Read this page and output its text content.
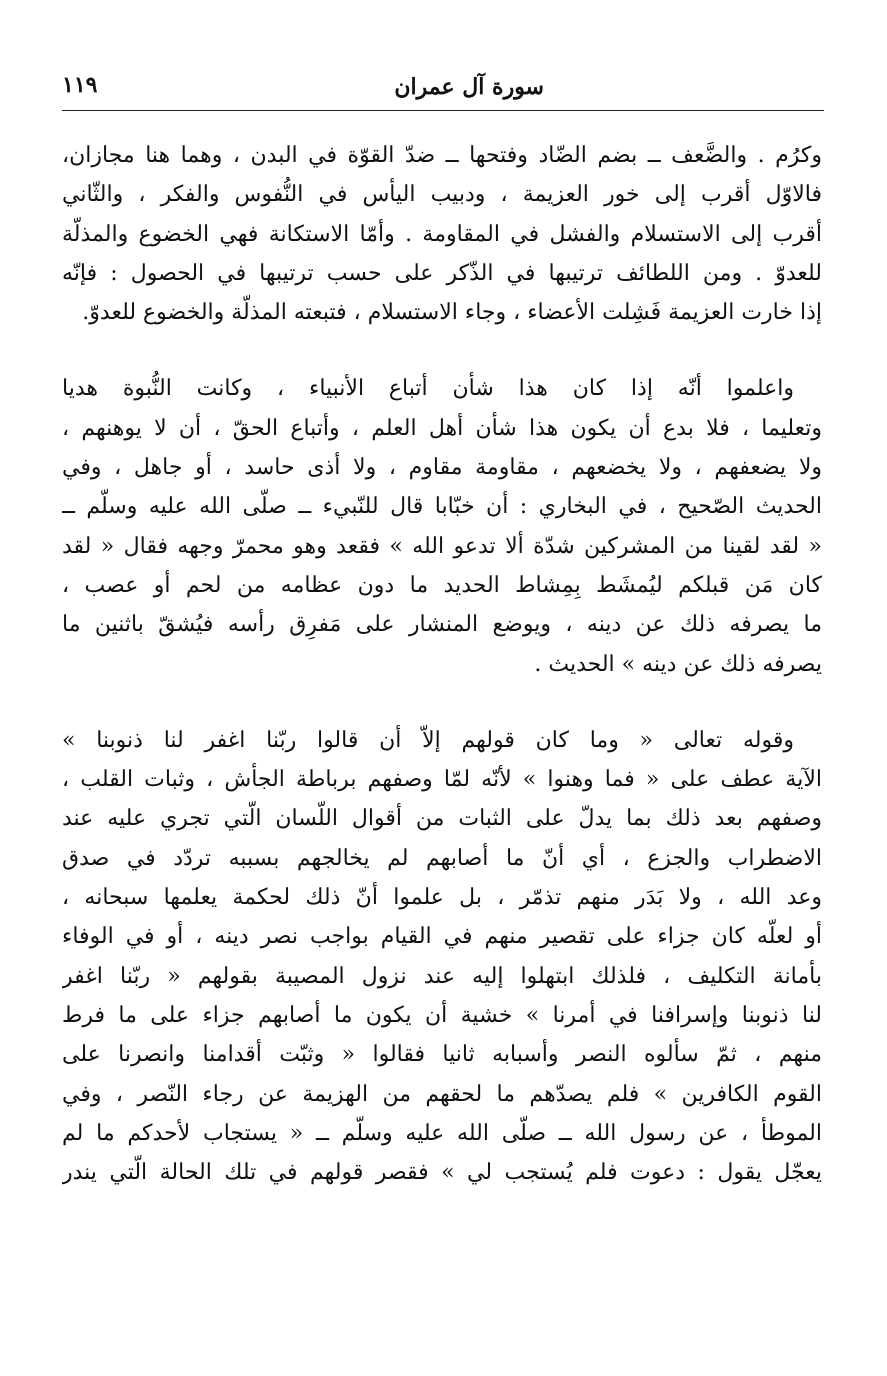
سورة آل عمران
١١٩
وكرُم . والضَّعف ــ بضم الضّاد وفتحها ــ ضدّ القوّة في البدن ، وهما هنا مجازان،
فالاوّل أقرب إلى خور العزيمة ، ودبيب اليأس في النُّفوس والفكر ، والثّاني
أقرب إلى الاستسلام والفشل في المقاومة . وأمّا الاستكانة فهي الخضوع والمذلّة
للعدوّ . ومن اللطائف ترتيبها في الذّكر على حسب ترتيبها في الحصول : فإنّه
إذا خارت العزيمة فَشِلت الأعضاء ، وجاء الاستسلام ، فتبعته المذلّة والخضوع للعدوّ.
واعلموا أنّه إذا كان هذا شأن أتباع الأنبياء ، وكانت النُّبوة هديا
وتعليما ، فلا بدع أن يكون هذا شأن أهل العلم ، وأتباع الحقّ ، أن لا يوهنهم ،
ولا يضعفهم ، ولا يخضعهم ، مقاومة مقاوم ، ولا أذى حاسد ، أو جاهل ، وفي
الحديث الصّحيح ، في البخاري : أن خبّابا قال للنّبيء ــ صلّى الله عليه وسلّم ــ
« لقد لقينا من المشركين شدّة ألا تدعو الله » فقعد وهو محمرّ وجهه فقال « لقد
كان مَن قبلكم ليُمشَط بِمِشاط الحديد ما دون عظامه من لحم أو عصب ،
ما يصرفه ذلك عن دينه ، ويوضع المنشار على مَفرِق رأسه فيُشقّ باثنين ما
يصرفه ذلك عن دينه » الحديث .
وقوله تعالى « وما كان قولهم إلاّ أن قالوا ربّنا اغفر لنا ذنوبنا »
الآية عطف على « فما وهنوا » لأنّه لمّا وصفهم برباطة الجأش ، وثبات القلب ،
وصفهم بعد ذلك بما يدلّ على الثبات من أقوال اللّسان الّتي تجري عليه عند
الاضطراب والجزع ، أي أنّ ما أصابهم لم يخالجهم بسببه تردّد في صدق
وعد الله ، ولا بَدَر منهم تذمّر ، بل علموا أنّ ذلك لحكمة يعلمها سبحانه ،
أو لعلّه كان جزاء على تقصير منهم في القيام بواجب نصر دينه ، أو في الوفاء
بأمانة التكليف ، فلذلك ابتهلوا إليه عند نزول المصيبة بقولهم « ربّنا اغفر
لنا ذنوبنا وإسرافنا في أمرنا » خشية أن يكون ما أصابهم جزاء على ما فرط
منهم ، ثمّ سألوه النصر وأسبابه ثانيا فقالوا « وثبّت أقدامنا وانصرنا على
القوم الكافرين » فلم يصدّهم ما لحقهم من الهزيمة عن رجاء النّصر ، وفي
الموطأ ، عن رسول الله ــ صلّى الله عليه وسلّم ــ « يستجاب لأحدكم ما لم
يعجّل يقول : دعوت فلم يُستجب لي » فقصر قولهم في تلك الحالة الّتي يندر
